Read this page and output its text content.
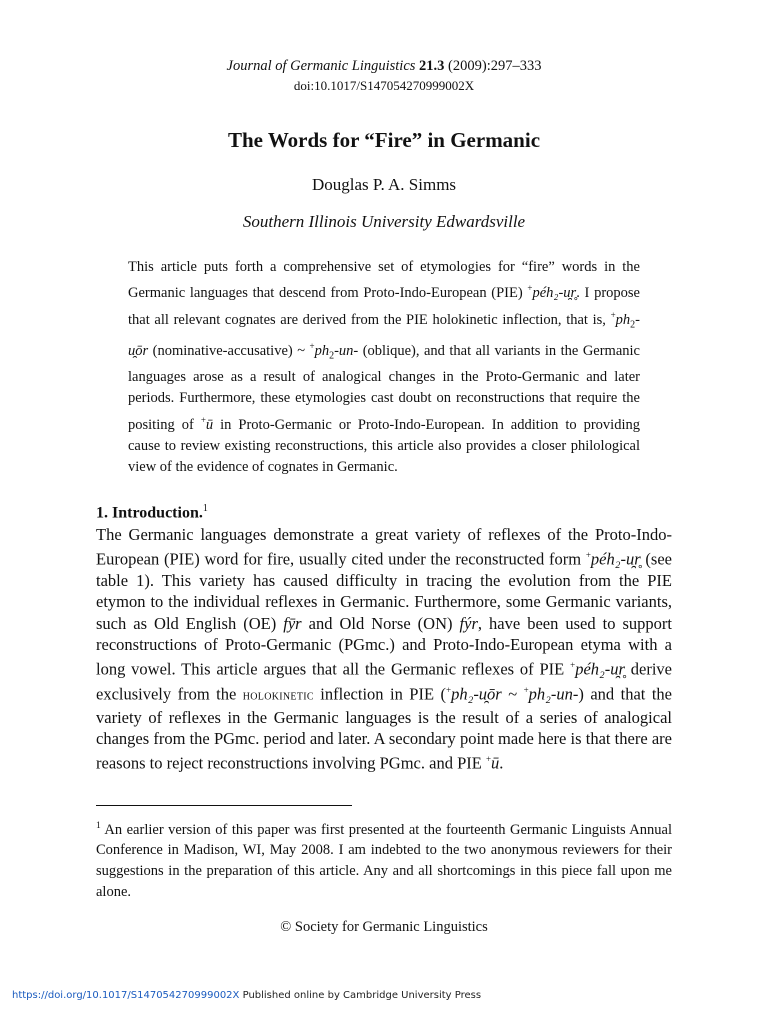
Journal of Germanic Linguistics 21.3 (2009):297–333
doi:10.1017/S147054270999002X
The Words for “Fire” in Germanic
Douglas P. A. Simms
Southern Illinois University Edwardsville
This article puts forth a comprehensive set of etymologies for “fire” words in the Germanic languages that descend from Proto-Indo-European (PIE) +péh₂-u̯r̥. I propose that all relevant cognates are derived from the PIE holokinetic inflection, that is, $^+ph_2-u̯ōr$ (nominative-accusative) ~ $^+ph_2-un-$ (oblique), and that all variants in the Germanic languages arose as a result of analogical changes in the Proto-Germanic and later periods. Furthermore, these etymologies cast doubt on reconstructions that require the positing of +ū in Proto-Germanic or Proto-Indo-European. In addition to providing cause to review existing reconstructions, this article also provides a closer philological view of the evidence of cognates in Germanic.
1. Introduction.$^1$
The Germanic languages demonstrate a great variety of reflexes of the Proto-Indo-European (PIE) word for fire, usually cited under the reconstructed form +péh₂-u̯r̥ (see table 1). This variety has caused difficulty in tracing the evolution from the PIE etymon to the individual reflexes in Germanic. Furthermore, some Germanic variants, such as Old English (OE) fȳr and Old Norse (ON) fýr, have been used to support reconstructions of Proto-Germanic (PGmc.) and Proto-Indo-European etyma with a long vowel. This article argues that all the Germanic reflexes of PIE +péh₂-u̯r̥ derive exclusively from the holokinetic inflection in PIE (+ph₂-u̯ōr ~ +ph₂-un-) and that the variety of reflexes in the Germanic languages is the result of a series of analogical changes from the PGmc. period and later. A secondary point made here is that there are reasons to reject reconstructions involving PGmc. and PIE +ū.
$^1$ An earlier version of this paper was first presented at the fourteenth Germanic Linguists Annual Conference in Madison, WI, May 2008. I am indebted to the two anonymous reviewers for their suggestions in the preparation of this article. Any and all shortcomings in this piece fall upon me alone.
© Society for Germanic Linguistics
https://doi.org/10.1017/S147054270999002X Published online by Cambridge University Press
